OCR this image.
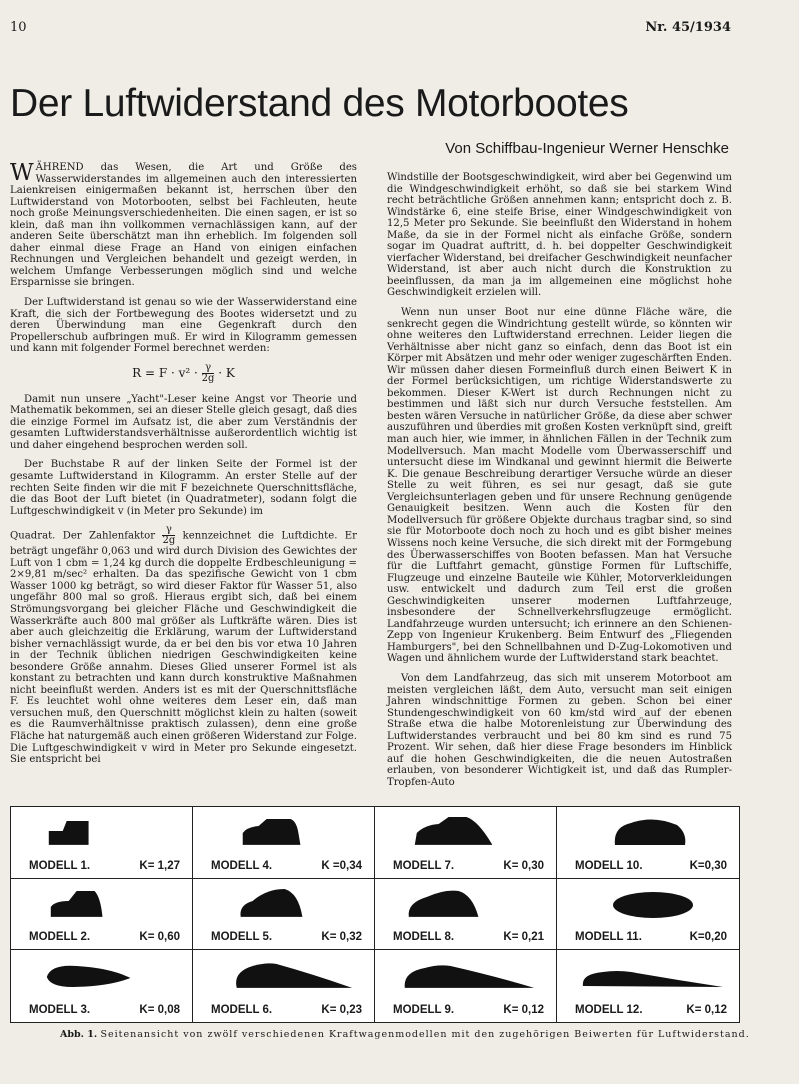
10	Nr. 45/1934
Der Luftwiderstand des Motorbootes
Von Schiffbau-Ingenieur Werner Henschke

WÄHREND das Wesen, die Art und Größe des Wasserwiderstandes im allgemeinen auch den interessierten Laienkreisen einigermaßen bekannt ist, herrschen über den Luftwiderstand von Motorbooten, selbst bei Fachleuten, heute noch große Meinungsverschiedenheiten. Die einen sagen, er ist so klein, daß man ihn vollkommen vernachlässigen kann, auf der anderen Seite überschätzt man ihn erheblich. Im folgenden soll daher einmal diese Frage an Hand von einigen einfachen Rechnungen und Vergleichen behandelt und gezeigt werden, in welchem Umfange Verbesserungen möglich sind und welche Ersparnisse sie bringen.

Der Luftwiderstand ist genau so wie der Wasserwiderstand eine Kraft, die sich der Fortbewegung des Bootes widersetzt und zu deren Überwindung man eine Gegenkraft durch den Propellerschub aufbringen muß. Er wird in Kilogramm gemessen und kann mit folgender Formel berechnet werden:

$R = F \cdot v^2 \cdot \frac{\gamma}{2g} \cdot K$

Damit nun unsere „Yacht"-Leser keine Angst vor Theorie und Mathematik bekommen, sei an dieser Stelle gleich gesagt, daß dies die einzige Formel im Aufsatz ist, die aber zum Verständnis der gesamten Luftwiderstandsverhältnisse außerordentlich wichtig ist und daher eingehend besprochen werden soll.

Der Buchstabe R auf der linken Seite der Formel ist der gesamte Luftwiderstand in Kilogramm. An erster Stelle auf der rechten Seite finden wir die mit F bezeichnete Querschnittsfläche, die das Boot der Luft bietet (in Quadratmeter), sodann folgt die Luftgeschwindigkeit v (in Meter pro Sekunde) im

Quadrat. Der Zahlenfaktor $\frac{\gamma}{2g}$ kennzeichnet die Luftdichte. Er beträgt ungefähr 0,063 und wird durch Division des Gewichtes der Luft von 1 cbm = 1,24 kg durch die doppelte Erdbeschleunigung = 2×9,81 m/sec² erhalten. Da das spezifische Gewicht von 1 cbm Wasser 1000 kg beträgt, so wird dieser Faktor für Wasser 51, also ungefähr 800 mal so groß. Hieraus ergibt sich, daß bei einem Strömungsvorgang bei gleicher Fläche und Geschwindigkeit die Wasserkräfte auch 800 mal größer als Luftkräfte wären. Dies ist aber auch gleichzeitig die Erklärung, warum der Luftwiderstand bisher vernachlässigt wurde, da er bei den bis vor etwa 10 Jahren in der Technik üblichen niedrigen Geschwindigkeiten keine besondere Größe annahm. Dieses Glied unserer Formel ist als konstant zu betrachten und kann durch konstruktive Maßnahmen nicht beeinflußt werden. Anders ist es mit der Querschnittsfläche F. Es leuchtet wohl ohne weiteres dem Leser ein, daß man versuchen muß, den Querschnitt möglichst klein zu halten (soweit es die Raumverhältnisse praktisch zulassen), denn eine große Fläche hat naturgemäß auch einen größeren Widerstand zur Folge. Die Luftgeschwindigkeit v wird in Meter pro Sekunde eingesetzt. Sie entspricht bei

Windstille der Bootsgeschwindigkeit, wird aber bei Gegenwind um die Windgeschwindigkeit erhöht, so daß sie bei starkem Wind recht beträchtliche Größen annehmen kann; entspricht doch z. B. Windstärke 6, eine steife Brise, einer Windgeschwindigkeit von 12,5 Meter pro Sekunde. Sie beeinflußt den Widerstand in hohem Maße, da sie in der Formel nicht als einfache Größe, sondern sogar im Quadrat auftritt, d. h. bei doppelter Geschwindigkeit vierfacher Widerstand, bei dreifacher Geschwindigkeit neunfacher Widerstand, ist aber auch nicht durch die Konstruktion zu beeinflussen, da man ja im allgemeinen eine möglichst hohe Geschwindigkeit erzielen will.

Wenn nun unser Boot nur eine dünne Fläche wäre, die senkrecht gegen die Windrichtung gestellt würde, so könnten wir ohne weiteres den Luftwiderstand errechnen. Leider liegen die Verhältnisse aber nicht ganz so einfach, denn das Boot ist ein Körper mit Absätzen und mehr oder weniger zugeschärften Enden. Wir müssen daher diesen Formeinfluß durch einen Beiwert K in der Formel berücksichtigen, um richtige Widerstandswerte zu bekommen. Dieser K-Wert ist durch Rechnungen nicht zu bestimmen und läßt sich nur durch Versuche feststellen. Am besten wären Versuche in natürlicher Größe, da diese aber schwer auszuführen und überdies mit großen Kosten verknüpft sind, greift man auch hier, wie immer, in ähnlichen Fällen in der Technik zum Modellversuch. Man macht Modelle vom Überwasserschiff und untersucht diese im Windkanal und gewinnt hiermit die Beiwerte K. Die genaue Beschreibung derartiger Versuche würde an dieser Stelle zu weit führen, es sei nur gesagt, daß sie gute Vergleichsunterlagen geben und für unsere Rechnung genügende Genauigkeit besitzen. Wenn auch die Kosten für den Modellversuch für größere Objekte durchaus tragbar sind, so sind sie für Motorboote doch noch zu hoch und es gibt bisher meines Wissens noch keine Versuche, die sich direkt mit der Formgebung des Überwasserschiffes von Booten befassen. Man hat Versuche für die Luftfahrt gemacht, günstige Formen für Luftschiffe, Flugzeuge und einzelne Bauteile wie Kühler, Motorverkleidungen usw. entwickelt und dadurch zum Teil erst die großen Geschwindigkeiten unserer modernen Luftfahrzeuge, insbesondere der Schnellverkehrsflugzeuge ermöglicht. Landfahrzeuge wurden untersucht; ich erinnere an den Schienen-Zepp von Ingenieur Krukenberg. Beim Entwurf des „Fliegenden Hamburgers", bei den Schnellbahnen und D-Zug-Lokomotiven und Wagen und ähnlichem wurde der Luftwiderstand stark beachtet.

Von dem Landfahrzeug, das sich mit unserem Motorboot am meisten vergleichen läßt, dem Auto, versucht man seit einigen Jahren windschnittige Formen zu geben. Schon bei einer Stundengeschwindigkeit von 60 km/std wird auf der ebenen Straße etwa die halbe Motorenleistung zur Überwindung des Luftwiderstandes verbraucht und bei 80 km sind es rund 75 Prozent. Wir sehen, daß hier diese Frage besonders im Hinblick auf die hohen Geschwindigkeiten, die die neuen Autostraßen erlauben, von besonderer Wichtigkeit ist, und daß das Rumpler-Tropfen-Auto

MODELL 1.	K= 1,27	MODELL 4.	K =0,34	MODELL 7.	K= 0,30	MODELL 10.	K=0,30
MODELL 2.	K= 0,60	MODELL 5.	K= 0,32	MODELL 8.	K= 0,21	MODELL 11.	K=0,20
MODELL 3.	K= 0,08	MODELL 6.	K= 0,23	MODELL 9.	K= 0,12	MODELL 12.	K= 0,12
Abb. 1. Seitenansicht von zwölf verschiedenen Kraftwagenmodellen mit den zugehörigen Beiwerten für Luftwiderstand.
